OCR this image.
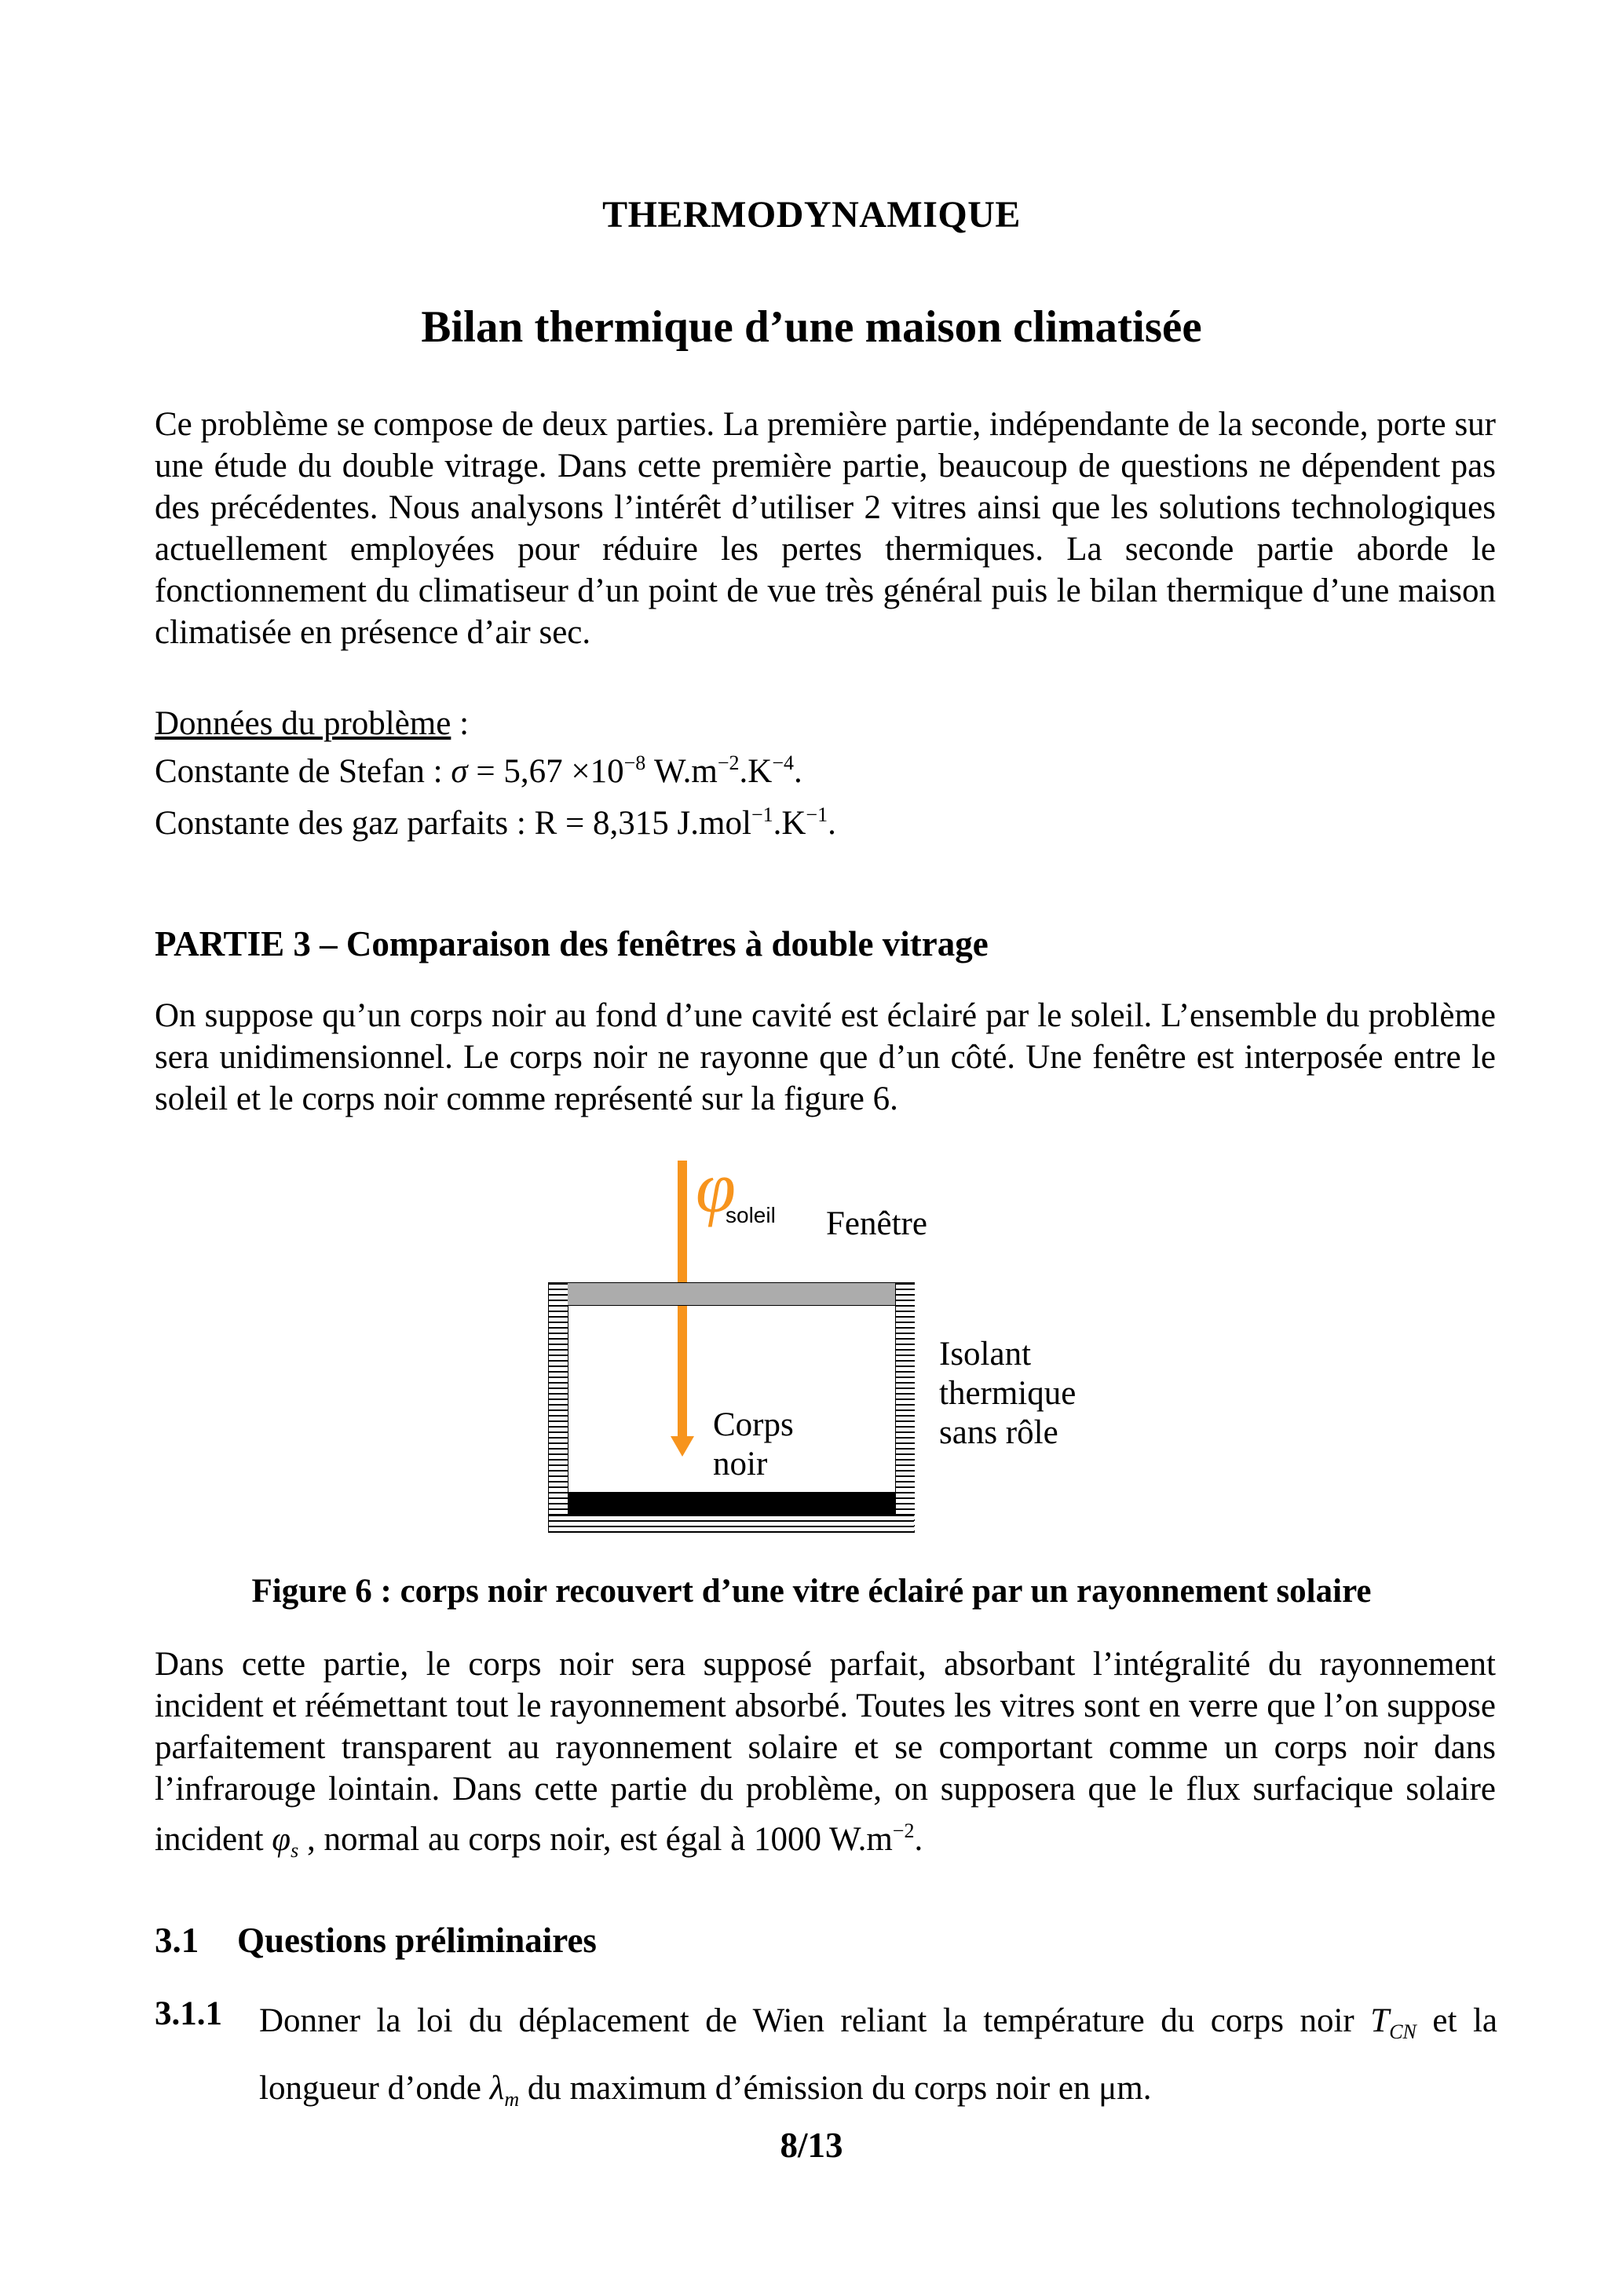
THERMODYNAMIQUE
Bilan thermique d’une maison climatisée
Ce problème se compose de deux parties. La première partie, indépendante de la seconde, porte sur une étude du double vitrage. Dans cette première partie, beaucoup de questions ne dépendent pas des précédentes. Nous analysons l’intérêt d’utiliser 2 vitres ainsi que les solutions technologiques actuellement employées pour réduire les pertes thermiques. La seconde partie aborde le fonctionnement du climatiseur d’un point de vue très général puis le bilan thermique d’une maison climatisée en présence d’air sec.
Données du problème :
Constante de Stefan : $\sigma = 5,67 \times 10^{-8}$ $W.m^{-2}.K^{-4}$.
Constante des gaz parfaits : R = 8,315 $J.mol^{-1}.K^{-1}$.
PARTIE 3 – Comparaison des fenêtres à double vitrage
On suppose qu’un corps noir au fond d’une cavité est éclairé par le soleil. L’ensemble du problème sera unidimensionnel. Le corps noir ne rayonne que d’un côté. Une fenêtre est interposée entre le soleil et le corps noir comme représenté sur la figure 6.
φ
soleil Fenêtre
Corps
noir
Isolant
thermique
sans rôle
Figure 6 : corps noir recouvert d’une vitre éclairé par un rayonnement solaire
Dans cette partie, le corps noir sera supposé parfait, absorbant l’intégralité du rayonnement incident et réémettant tout le rayonnement absorbé. Toutes les vitres sont en verre que l’on suppose parfaitement transparent au rayonnement solaire et se comportant comme un corps noir dans l’infrarouge lointain. Dans cette partie du problème, on supposera que le flux surfacique solaire incident $\varphi_s$ , normal au corps noir, est égal à 1000 $W.m^{-2}$.
3.1 Questions préliminaires
3.1.1 Donner la loi du déplacement de Wien reliant la température du corps noir $T_{CN}$ et la longueur d’onde $\lambda_m$ du maximum d’émission du corps noir en μm.
8/13
